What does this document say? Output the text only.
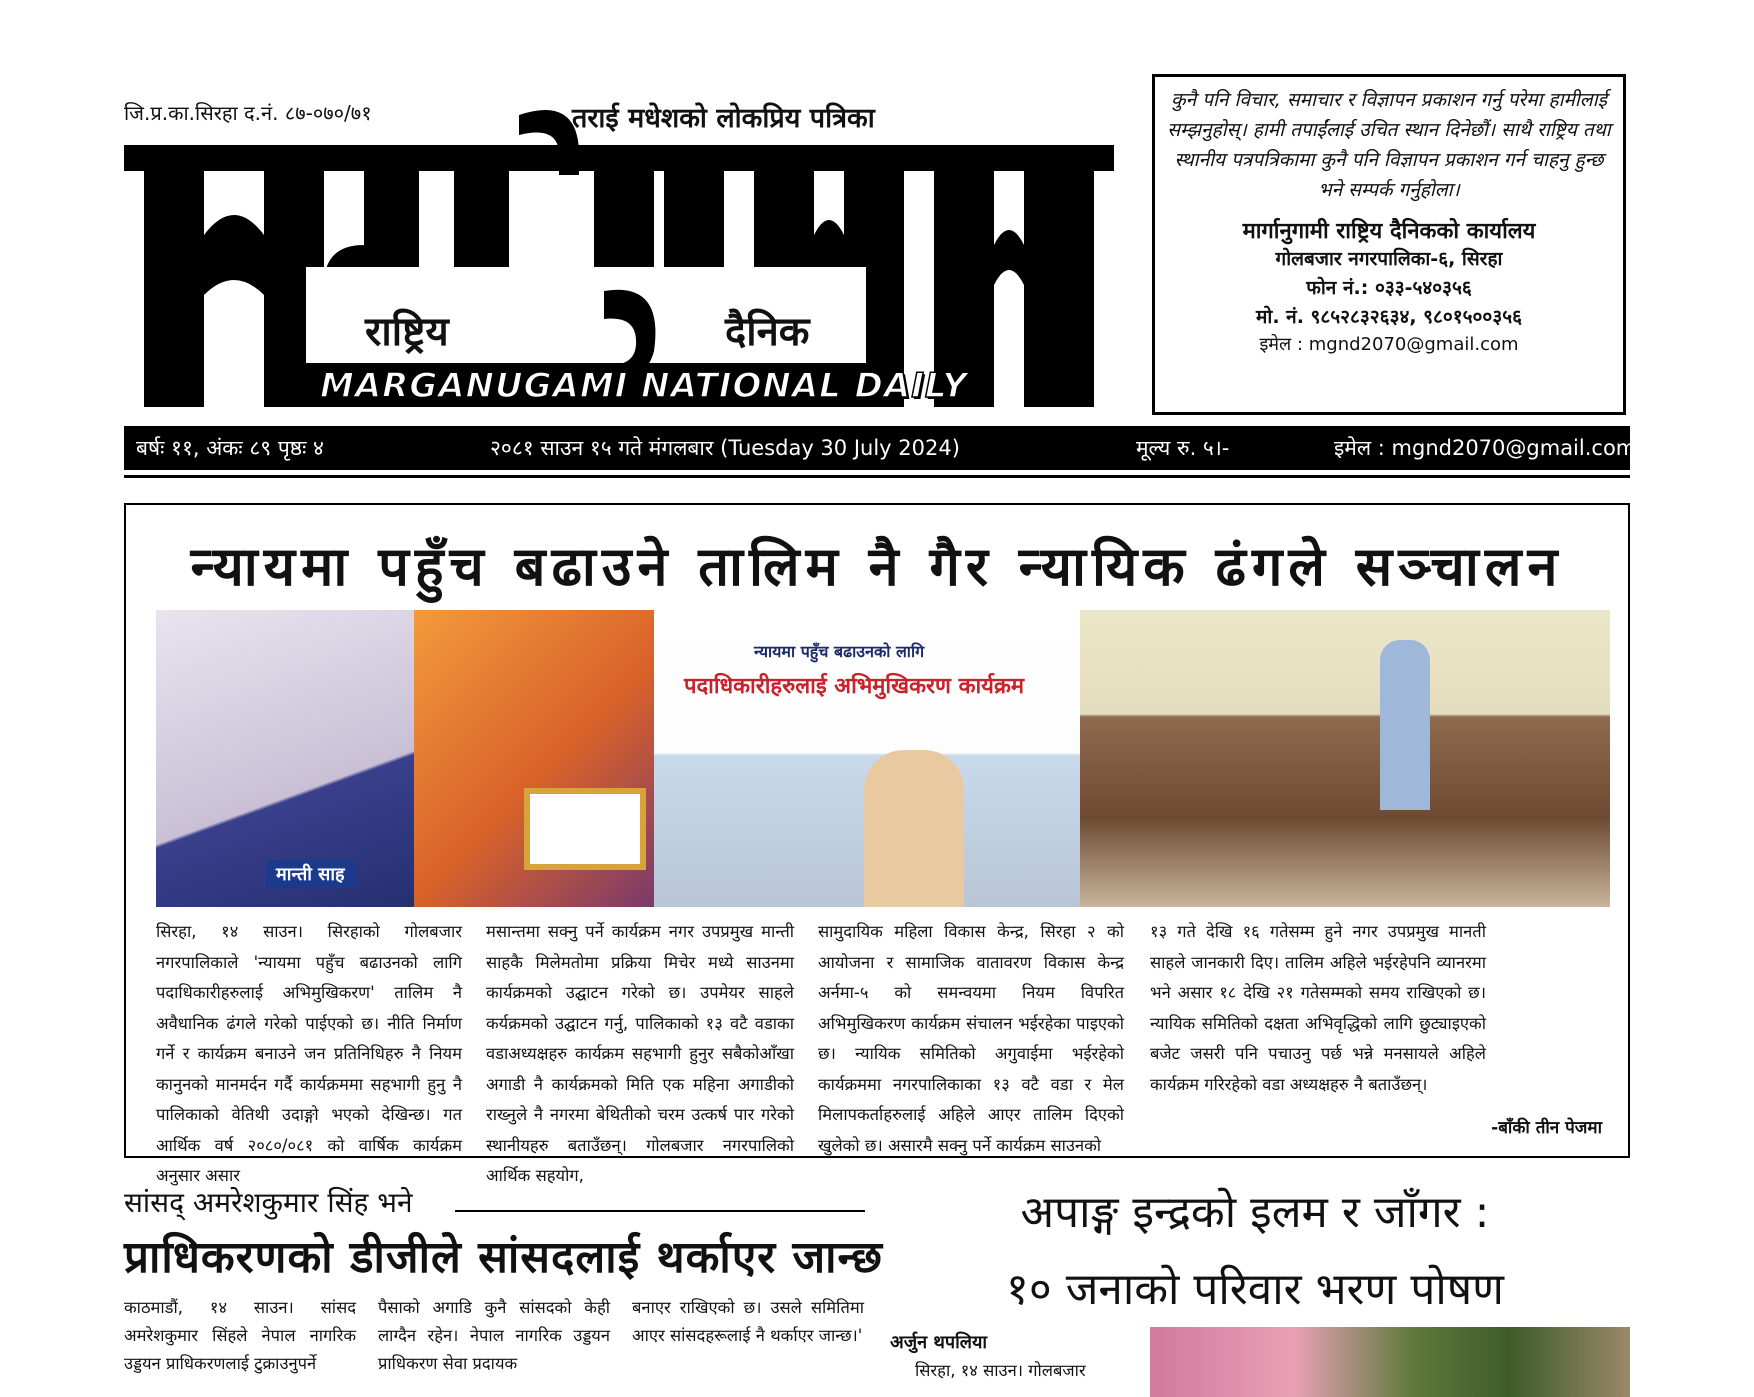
जि.प्र.का.सिरहा द.नं. ८७-०७०/७१	तराई मधेशको लोकप्रिय पत्रिका
राष्ट्रिय	दैनिक
MARGANUGAMI NATIONAL DAILY

कुनै पनि विचार, समाचार र विज्ञापन प्रकाशन गर्नु परेमा हामीलाई सम्झनुहोस्। हामी तपाईंलाई उचित स्थान दिनेछौं। साथै राष्ट्रिय तथा स्थानीय पत्रपत्रिकामा कुनै पनि विज्ञापन प्रकाशन गर्न चाहनु हुन्छ भने सम्पर्क गर्नुहोला।

मार्गानुगामी राष्ट्रिय दैनिकको कार्यालय
गोलबजार नगरपालिका-६, सिरहा
फोन नं.: ०३३-५४०३५६
मो. नं. ९८५२८३२६३४, ९८०१५००३५६
इमेल : mgnd2070@gmail.com
बर्षः ११, अंकः ८९ पृष्ठः ४	२०८१ साउन १५ गते मंगलबार (Tuesday 30 July 2024)	मूल्य रु. ५।-	इमेल : mgnd2070@gmail.com
न्यायमा पहुँच बढाउने तालिम नै गैर न्यायिक ढंगले सञ्चालन
मान्ती साह
न्यायमा पहुँच बढाउनको लागि
पदाधिकारीहरुलाई अभिमुखिकरण कार्यक्रम

सिरहा, १४ साउन। सिरहाको गोलबजार नगरपालिकाले 'न्यायमा पहुँच बढाउनको लागि पदाधिकारीहरुलाई अभिमुखिकरण' तालिम नै अवैधानिक ढंगले गरेको पाईएको छ। नीति निर्माण गर्ने र कार्यक्रम बनाउने जन प्रतिनिधिहरु नै नियम कानुनको मानमर्दन गर्दै कार्यक्रममा सहभागी हुनु नै पालिकाको वेतिथी उदाङ्गो भएको देखिन्छ। गत आर्थिक वर्ष २०८०/०८१ को वार्षिक कार्यक्रम अनुसार असार

मसान्तमा सक्नु पर्ने कार्यक्रम नगर उपप्रमुख मान्ती साहकै मिलेमतोमा प्रक्रिया मिचेर मध्ये साउनमा कार्यक्रमको उद्घाटन गरेको छ। उपमेयर साहले कर्यक्रमको उद्घाटन गर्नु, पालिकाको १३ वटै वडाका वडाअध्यक्षहरु कार्यक्रम सहभागी हुनुर सबैकोआँखा अगाडी नै कार्यक्रमको मिति एक महिना अगाडीको राख्नुले नै नगरमा बेथितीको चरम उत्कर्ष पार गरेको स्थानीयहरु बताउँछन्। गोलबजार नगरपालिको आर्थिक सहयोग,

सामुदायिक महिला विकास केन्द्र, सिरहा २ को आयोजना र सामाजिक वातावरण विकास केन्द्र अर्नमा-५ को समन्वयमा नियम विपरित अभिमुखिकरण कार्यक्रम संचालन भईरहेका पाइएको छ। न्यायिक समितिको अगुवाईमा भईरहेको कार्यक्रममा नगरपालिकाका १३ वटै वडा र मेल मिलापकर्ताहरुलाई अहिले आएर तालिम दिएको खुलेको छ। असारमै सक्नु पर्ने कार्यक्रम साउनको

१३ गते देखि १६ गतेसम्म हुने नगर उपप्रमुख मानती साहले जानकारी दिए। तालिम अहिले भईरहेपनि व्यानरमा भने असार १८ देखि २१ गतेसम्मको समय राखिएको छ। न्यायिक समितिको दक्षता अभिवृद्धिको लागि छुट्याइएको बजेट जसरी पनि पचाउनु पर्छ भन्ने मनसायले अहिले कार्यक्रम गरिरहेको वडा अध्यक्षहरु नै बताउँछन्।

-बाँकी तीन पेजमा
सांसद् अमरेशकुमार सिंह भने
प्राधिकरणको डीजीले सांसदलाई थर्काएर जान्छ
काठमाडौं, १४ साउन। सांसद अमरेशकुमार सिंहले नेपाल नागरिक उड्डयन प्राधिकरणलाई टुक्राउनुपर्ने
पैसाको अगाडि कुनै सांसदको केही लाग्दैन रहेन। नेपाल नागरिक उड्डयन प्राधिकरण सेवा प्रदायक
बनाएर राखिएको छ। उसले समितिमा आएर सांसदहरूलाई नै थर्काएर जान्छ।'
अपाङ्ग इन्द्रको इलम र जाँगर :
१० जनाको परिवार भरण पोषण
अर्जुन थपलिया
सिरहा, १४ साउन। गोलबजार
